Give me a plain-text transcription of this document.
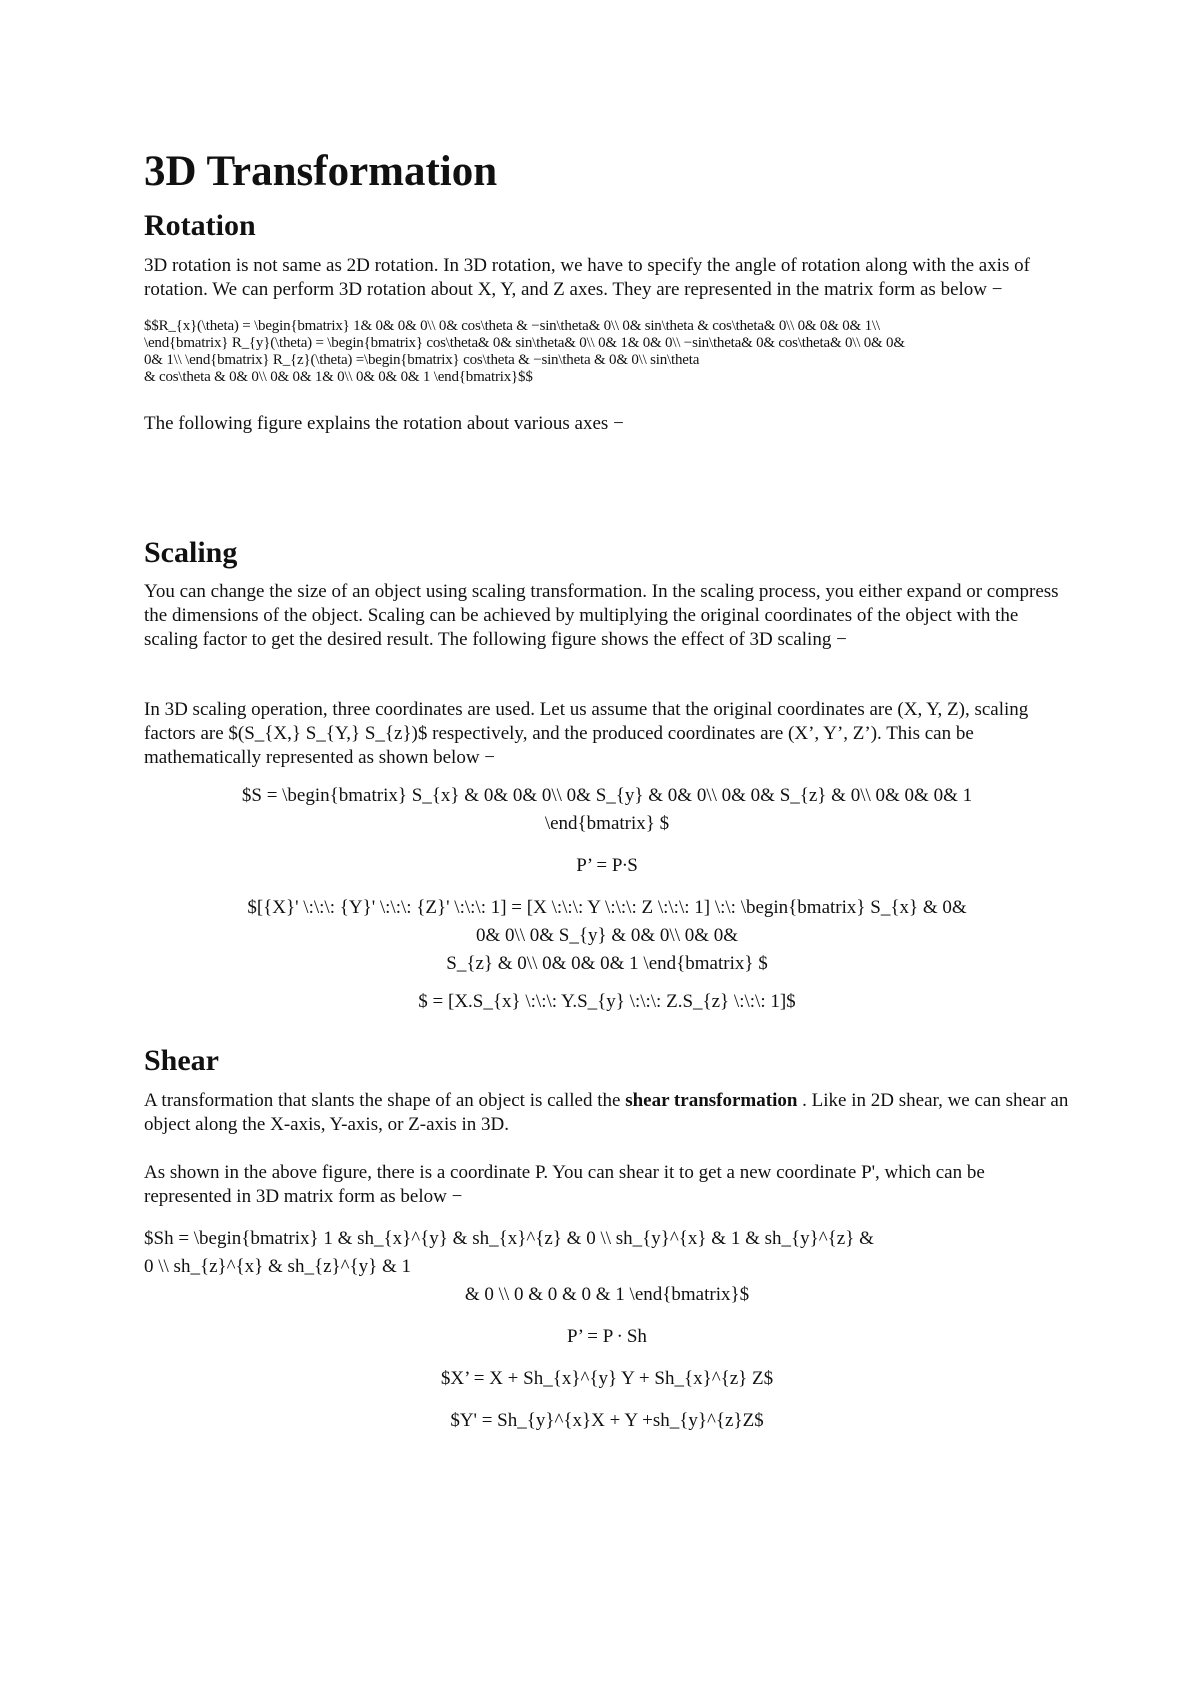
3D Transformation
Rotation

3D rotation is not same as 2D rotation. In 3D rotation, we have to specify the angle of rotation along with the axis of rotation. We can perform 3D rotation about X, Y, and Z axes. They are represented in the matrix form as below −

$$R_{x}(\theta) = \begin{bmatrix} 1& 0& 0& 0\\ 0& cos\theta & −sin\theta& 0\\ 0& sin\theta & cos\theta& 0\\ 0& 0& 0& 1\\
\end{bmatrix} R_{y}(\theta) = \begin{bmatrix} cos\theta& 0& sin\theta& 0\\ 0& 1& 0& 0\\ −sin\theta& 0& cos\theta& 0\\ 0& 0&
0& 1\\ \end{bmatrix} R_{z}(\theta) =\begin{bmatrix} cos\theta & −sin\theta & 0& 0\\ sin\theta
& cos\theta & 0& 0\\ 0& 0& 1& 0\\ 0& 0& 0& 1 \end{bmatrix}$$

The following figure explains the rotation about various axes −

Scaling

You can change the size of an object using scaling transformation. In the scaling process, you either expand or compress the dimensions of the object. Scaling can be achieved by multiplying the original coordinates of the object with the scaling factor to get the desired result. The following figure shows the effect of 3D scaling −

In 3D scaling operation, three coordinates are used. Let us assume that the original coordinates are (X, Y, Z), scaling factors are $(S_{X,} S_{Y,} S_{z})$ respectively, and the produced coordinates are (X’, Y’, Z’). This can be mathematically represented as shown below −

$S = \begin{bmatrix} S_{x} & 0& 0& 0\\ 0& S_{y} & 0& 0\\ 0& 0& S_{z} & 0\\ 0& 0& 0& 1

\end{bmatrix} $

P’ = P∙S

$[{X}' \:\:\: {Y}' \:\:\: {Z}' \:\:\: 1] = [X \:\:\: Y \:\:\: Z \:\:\: 1] \:\: \begin{bmatrix} S_{x} & 0&

0& 0\\ 0& S_{y} & 0& 0\\ 0& 0&

S_{z} & 0\\ 0& 0& 0& 1 \end{bmatrix} $

$ = [X.S_{x} \:\:\: Y.S_{y} \:\:\: Z.S_{z} \:\:\: 1]$

Shear

A transformation that slants the shape of an object is called the shear transformation . Like in 2D shear, we can shear an object along the X-axis, Y-axis, or Z-axis in 3D.

As shown in the above figure, there is a coordinate P. You can shear it to get a new coordinate P', which can be represented in 3D matrix form as below −

$Sh = \begin{bmatrix} 1 & sh_{x}^{y} & sh_{x}^{z} & 0 \\ sh_{y}^{x} & 1 & sh_{y}^{z} &

0 \\ sh_{z}^{x} & sh_{z}^{y} & 1

& 0 \\ 0 & 0 & 0 & 1 \end{bmatrix}$

P’ = P ∙ Sh

$X’ = X + Sh_{x}^{y} Y + Sh_{x}^{z} Z$

$Y' = Sh_{y}^{x}X + Y +sh_{y}^{z}Z$
